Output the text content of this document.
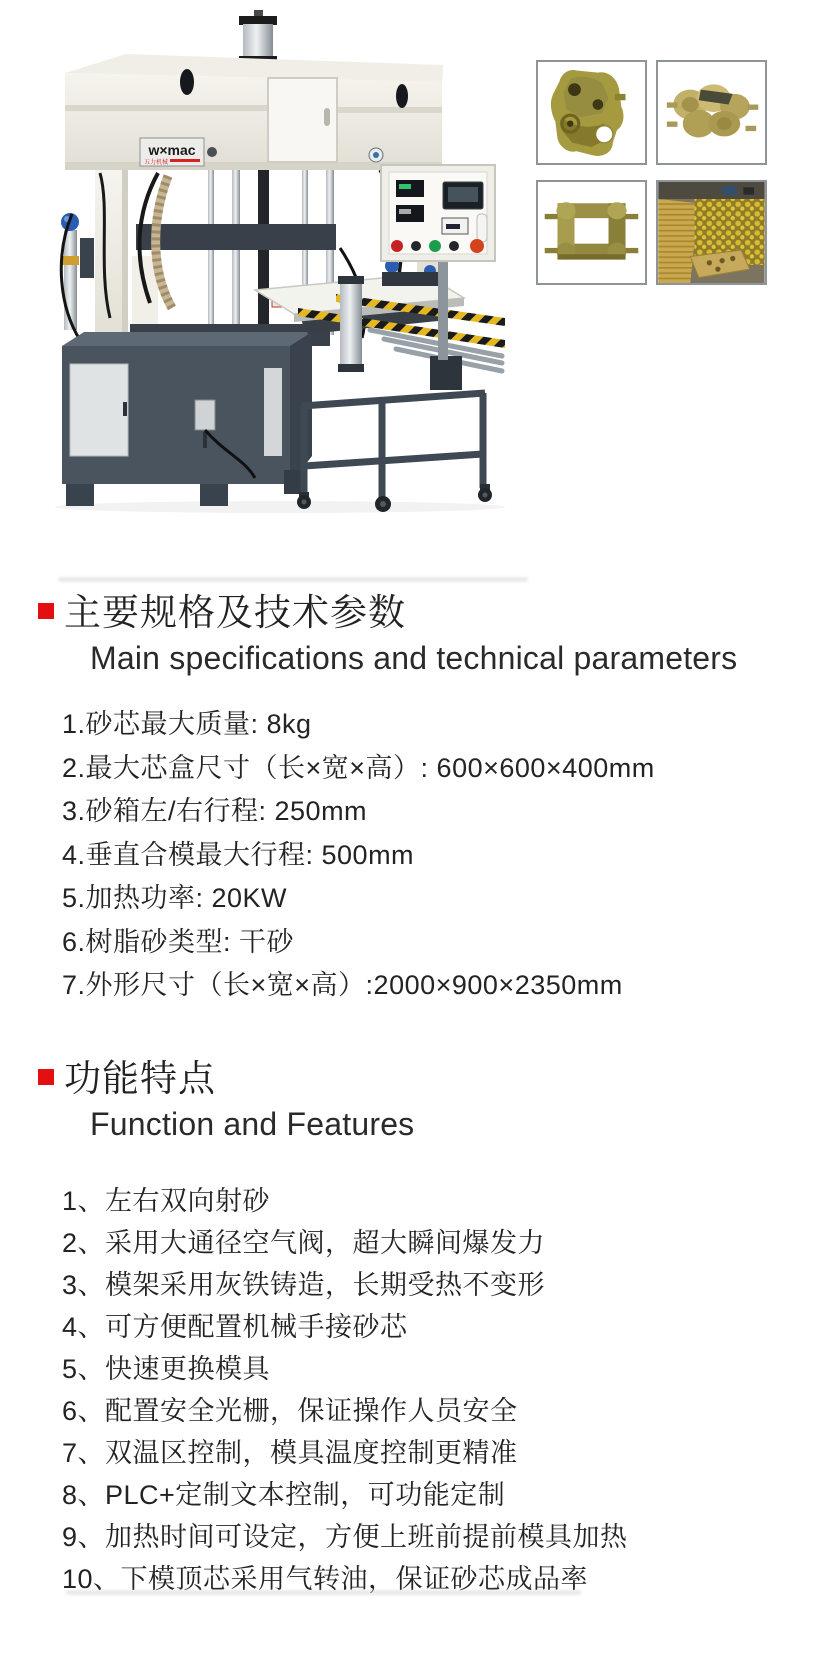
w×mac
五力机械
主要规格及技术参数
Main specifications and technical parameters
1.砂芯最大质量: 8kg
2.最大芯盒尺寸（长×宽×高）: 600×600×400mm
3.砂箱左/右行程: 250mm
4.垂直合模最大行程: 500mm
5.加热功率: 20KW
6.树脂砂类型: 干砂
7.外形尺寸（长×宽×高）:2000×900×2350mm
功能特点
Function and Features
1、左右双向射砂
2、采用大通径空气阀，超大瞬间爆发力
3、模架采用灰铁铸造，长期受热不变形
4、可方便配置机械手接砂芯
5、快速更换模具
6、配置安全光栅，保证操作人员安全
7、双温区控制，模具温度控制更精准
8、PLC+定制文本控制，可功能定制
9、加热时间可设定，方便上班前提前模具加热
10、下模顶芯采用气转油，保证砂芯成品率
